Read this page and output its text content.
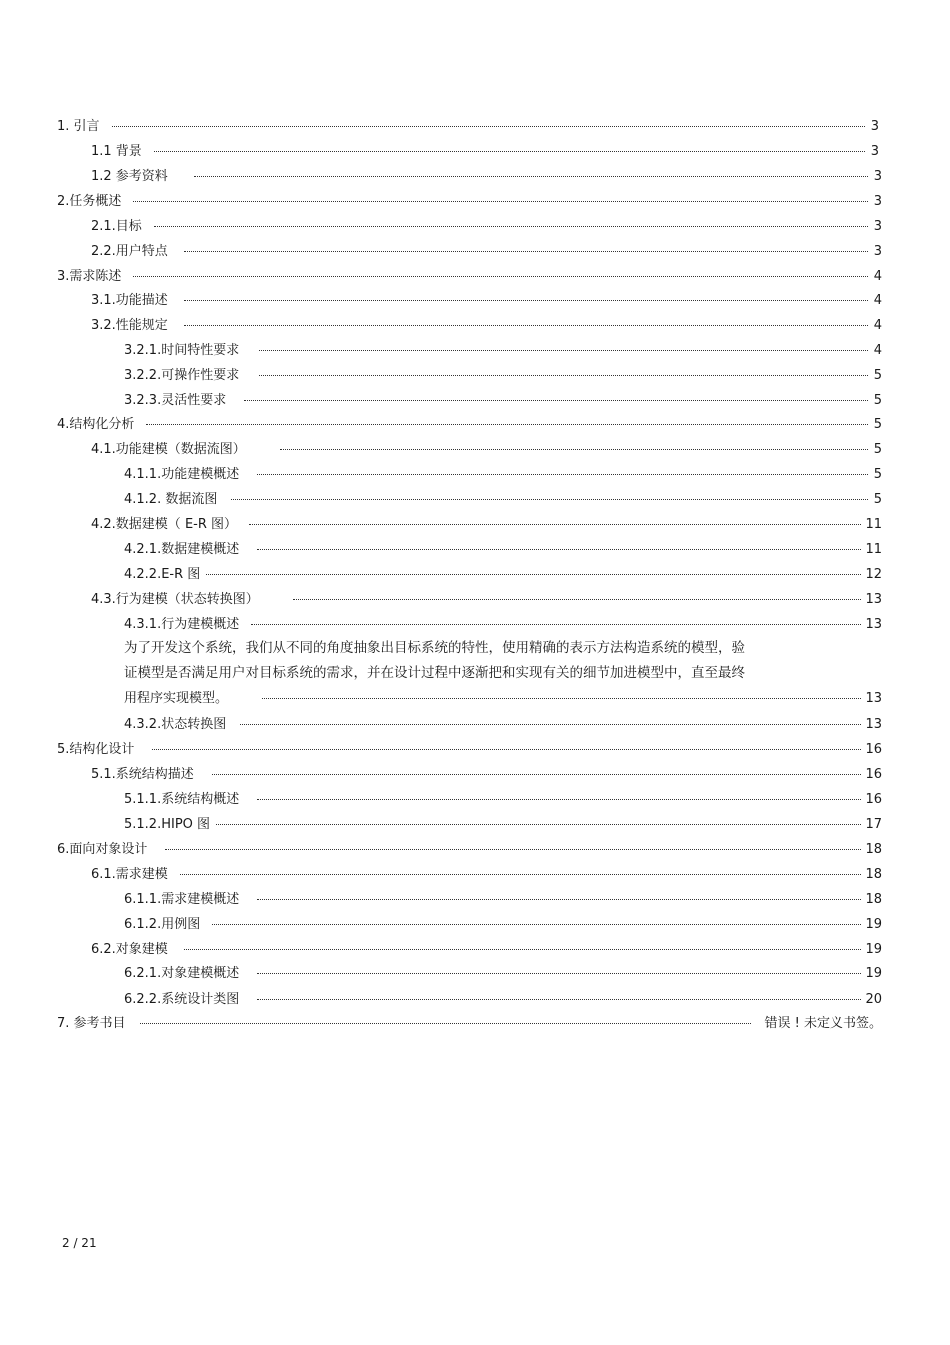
1. 引言	3
1.1 背景	3
1.2 参考资料	3
2.任务概述	3
2.1.目标	3
2.2.用户特点	3
3.需求陈述	4
3.1.功能描述	4
3.2.性能规定	4
3.2.1.时间特性要求	4
3.2.2.可操作性要求	5
3.2.3.灵活性要求	5
4.结构化分析	5
4.1.功能建模（数据流图）	5
4.1.1.功能建模概述	5
4.1.2. 数据流图	5
4.2.数据建模（ E-R 图）	11
4.2.1.数据建模概述	11
4.2.2.E-R 图	12
4.3.行为建模（状态转换图）	13
4.3.1.行为建模概述	13
为了开发这个系统，我们从不同的角度抽象出目标系统的特性，使用精确的表示方法构造系统的模型，验
证模型是否满足用户对目标系统的需求，并在设计过程中逐渐把和实现有关的细节加进模型中，直至最终
用程序实现模型。	13
4.3.2.状态转换图	13
5.结构化设计	16
5.1.系统结构描述	16
5.1.1.系统结构概述	16
5.1.2.HIPO 图	17
6.面向对象设计	18
6.1.需求建模	18
6.1.1.需求建模概述	18
6.1.2.用例图	19
6.2.对象建模	19
6.2.1.对象建模概述	19
6.2.2.系统设计类图	20
7. 参考书目	错误 ! 未定义书签。
2 / 21
